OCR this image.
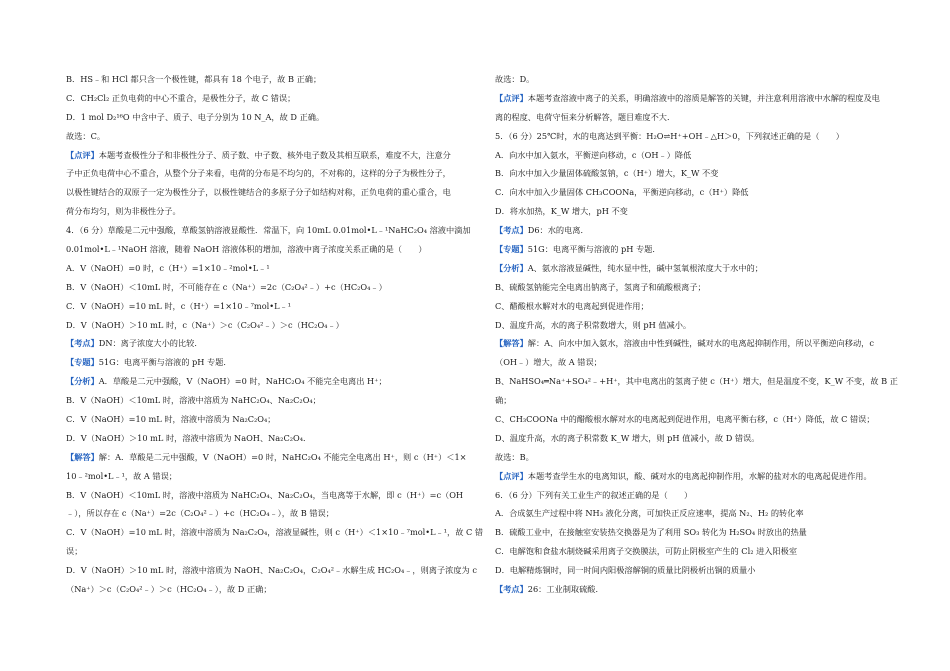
B．HS﹣和 HCl 都只含一个极性键，都具有 18 个电子，故 B 正确；
C．CH₂Cl₂ 正负电荷的中心不重合，是极性分子，故 C 错误；
D．1 mol D₂¹⁶O 中含中子、质子、电子分别为 10 N_A，故 D 正确。
故选：C。
【点评】本题考查极性分子和非极性分子、质子数、中子数、核外电子数及其相互联系，难度不大，注意分
子中正负电荷中心不重合，从整个分子来看，电荷的分布是不均匀的，不对称的，这样的分子为极性分子，
以极性键结合的双原子一定为极性分子，以极性键结合的多原子分子如结构对称，正负电荷的重心重合，电
荷分布均匀，则为非极性分子。
4．（6 分）草酸是二元中强酸，草酸氢钠溶液显酸性．常温下，向 10mL 0.01mol•L﹣¹NaHC₂O₄ 溶液中滴加
0.01mol•L﹣¹NaOH 溶液，随着 NaOH 溶液体积的增加，溶液中离子浓度关系正确的是（　　）
A．V（NaOH）=0 时，c（H⁺）=1×10﹣²mol•L﹣¹
B．V（NaOH）＜10mL 时，不可能存在 c（Na⁺）=2c（C₂O₄²﹣）+c（HC₂O₄﹣）
C．V（NaOH）=10 mL 时，c（H⁺）=1×10﹣⁷mol•L﹣¹
D．V（NaOH）＞10 mL 时，c（Na⁺）＞c（C₂O₄²﹣）＞c（HC₂O₄﹣）
【考点】DN：离子浓度大小的比较．
【专题】51G：电离平衡与溶液的 pH 专题．
【分析】A．草酸是二元中强酸，V（NaOH）=0 时，NaHC₂O₄ 不能完全电离出 H⁺；
B．V（NaOH）＜10mL 时，溶液中溶质为 NaHC₂O₄、Na₂C₂O₄；
C．V（NaOH）=10 mL 时，溶液中溶质为 Na₂C₂O₄；
D．V（NaOH）＞10 mL 时，溶液中溶质为 NaOH、Na₂C₂O₄．
【解答】解：A．草酸是二元中强酸，V（NaOH）=0 时，NaHC₂O₄ 不能完全电离出 H⁺，则 c（H⁺）＜1×
10﹣²mol•L﹣¹，故 A 错误；
B．V（NaOH）＜10mL 时，溶液中溶质为 NaHC₂O₄、Na₂C₂O₄，当电离等于水解，即 c（H⁺）=c（OH
﹣），所以存在 c（Na⁺）=2c（C₂O₄²﹣）+c（HC₂O₄﹣），故 B 错误；
C．V（NaOH）=10 mL 时，溶液中溶质为 Na₂C₂O₄，溶液显碱性，则 c（H⁺）＜1×10﹣⁷mol•L﹣¹，故 C 错
误；
D．V（NaOH）＞10 mL 时，溶液中溶质为 NaOH、Na₂C₂O₄，C₂O₄²﹣水解生成 HC₂O₄﹣，则离子浓度为 c
（Na⁺）＞c（C₂O₄²﹣）＞c（HC₂O₄﹣），故 D 正确；
故选：D。
【点评】本题考查溶液中离子的关系，明确溶液中的溶质是解答的关键，并注意利用溶液中水解的程度及电
离的程度、电荷守恒来分析解答，题目难度不大．
5．（6 分）25℃时，水的电离达到平衡：H₂O⇌H⁺+OH﹣△H＞0，下列叙述正确的是（　　）
A．向水中加入氨水，平衡逆向移动，c（OH﹣）降低
B．向水中加入少量固体硫酸氢钠，c（H⁺）增大，K_W 不变
C．向水中加入少量固体 CH₃COONa，平衡逆向移动，c（H⁺）降低
D．将水加热，K_W 增大，pH 不变
【考点】D6：水的电离．
【专题】51G：电离平衡与溶液的 pH 专题．
【分析】A、氨水溶液显碱性，纯水显中性，碱中氢氧根浓度大于水中的；
B、硫酸氢钠能完全电离出钠离子，氢离子和硫酸根离子；
C、醋酸根水解对水的电离起到促进作用；
D、温度升高，水的离子积常数增大，则 pH 值减小。
【解答】解：A、向水中加入氨水，溶液由中性到碱性，碱对水的电离起抑制作用，所以平衡逆向移动，c
（OH﹣）增大，故 A 错误；
B、NaHSO₄═Na⁺+SO₄²﹣+H⁺，其中电离出的氢离子使 c（H⁺）增大，但是温度不变，K_W 不变，故 B 正
确；
C、CH₃COONa 中的醋酸根水解对水的电离起到促进作用，电离平衡右移，c（H⁺）降低，故 C 错误；
D、温度升高，水的离子积常数 K_W 增大，则 pH 值减小，故 D 错误。
故选：B。
【点评】本题考查学生水的电离知识，酸、碱对水的电离起抑制作用，水解的盐对水的电离起促进作用。
6．（6 分）下列有关工业生产的叙述正确的是（　　）
A．合成氨生产过程中将 NH₃ 液化分离，可加快正反应速率，提高 N₂、H₂ 的转化率
B．硫酸工业中，在接触室安装热交换器是为了利用 SO₃ 转化为 H₂SO₄ 时放出的热量
C．电解饱和食盐水制烧碱采用离子交换膜法，可防止阴极室产生的 Cl₂ 进入阳极室
D．电解精炼铜时，同一时间内阳极溶解铜的质量比阴极析出铜的质量小
【考点】26：工业制取硫酸．
